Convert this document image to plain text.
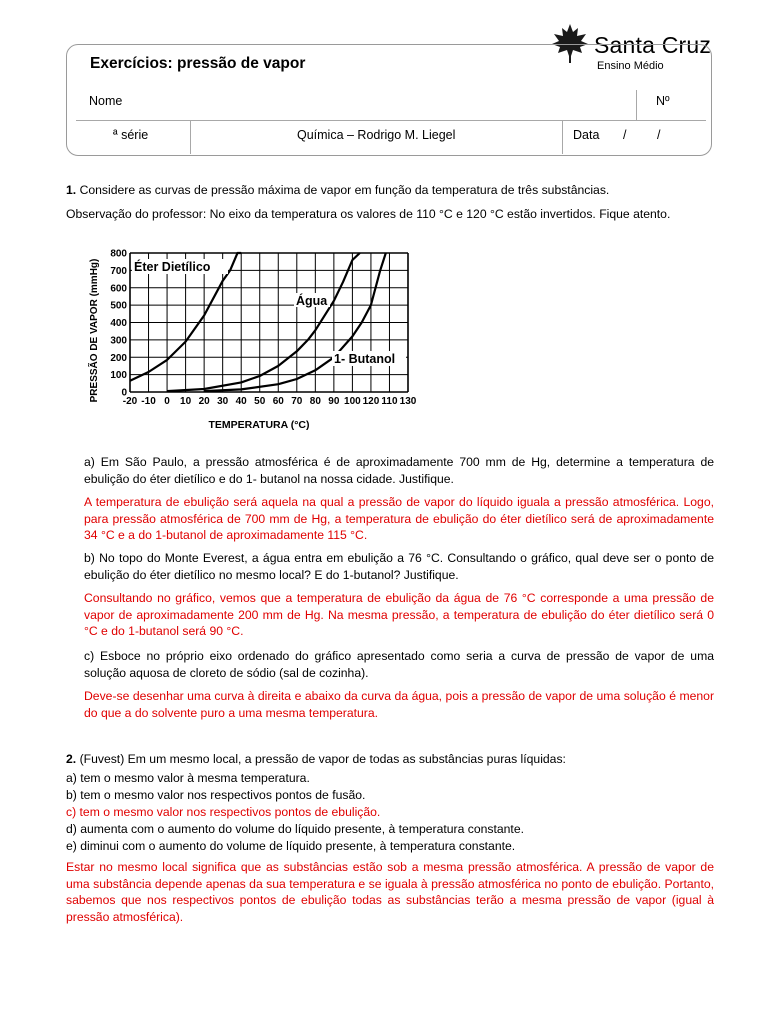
Santa Cruz
Ensino Médio
Exercícios: pressão de vapor
Nome	Nº
ª série	Química – Rodrigo M. Liegel	Data / /
1. Considere as curvas de pressão máxima de vapor em função da temperatura de três substâncias.
Observação do professor: No eixo da temperatura os valores de 110 °C e 120 °C estão invertidos. Fique atento.
-20 -10 0 10 20 30 40 50 60 70 80 90 100 120 110 130
0
100
200
300
400
500
600
700
800
TEMPERATURA (°C)
PRESSÃO DE VAPOR (mmHg)	Éter Dietílico
Água
1- Butanol
a) Em São Paulo, a pressão atmosférica é de aproximadamente 700 mm de Hg, determine a temperatura de ebulição do éter dietílico e do 1- butanol na nossa cidade. Justifique.
A temperatura de ebulição será aquela na qual a pressão de vapor do líquido iguala a pressão atmosférica. Logo, para pressão atmosférica de 700 mm de Hg, a temperatura de ebulição do éter dietílico será de aproximadamente 34 °C e a do 1-butanol de aproximadamente 115 °C.
b) No topo do Monte Everest, a água entra em ebulição a 76 °C. Consultando o gráfico, qual deve ser o ponto de ebulição do éter dietílico no mesmo local? E do 1-butanol? Justifique.
Consultando no gráfico, vemos que a temperatura de ebulição da água de 76 °C corresponde a uma pressão de vapor de aproximadamente 200 mm de Hg. Na mesma pressão, a temperatura de ebulição do éter dietílico será 0 °C e do 1-butanol será 90 °C.
c) Esboce no próprio eixo ordenado do gráfico apresentado como seria a curva de pressão de vapor de uma solução aquosa de cloreto de sódio (sal de cozinha).
Deve-se desenhar uma curva à direita e abaixo da curva da água, pois a pressão de vapor de uma solução é menor do que a do solvente puro a uma mesma temperatura.
2. (Fuvest) Em um mesmo local, a pressão de vapor de todas as substâncias puras líquidas:
a) tem o mesmo valor à mesma temperatura.
b) tem o mesmo valor nos respectivos pontos de fusão.
c) tem o mesmo valor nos respectivos pontos de ebulição.
d) aumenta com o aumento do volume do líquido presente, à temperatura constante.
e) diminui com o aumento do volume de líquido presente, à temperatura constante.
Estar no mesmo local significa que as substâncias estão sob a mesma pressão atmosférica. A pressão de vapor de uma substância depende apenas da sua temperatura e se iguala à pressão atmosférica no ponto de ebulição. Portanto, sabemos que nos respectivos pontos de ebulição todas as substâncias terão a mesma pressão de vapor (igual à pressão atmosférica).
